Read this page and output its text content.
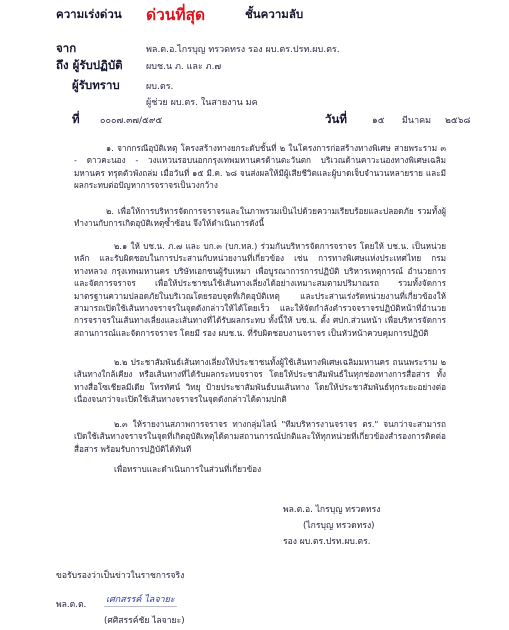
ความเร่งด่วน ด่วนที่สุด	ชั้นความลับ
จาก	พล.ต.อ.ไกรบุญ ทรวดทรง รอง ผบ.ตร.ปรท.ผบ.ตร.
ถึง ผู้รับปฏิบัติ	ผบช.น ภ. และ ภ.๗
ผู้รับทราบ	ผบ.ตร.
ผู้ช่วย ผบ.ตร. ในสายงาน มค
ที่ ๐๐๐๗.๓๗/๕๙๕	วันที่	๑๕ มีนาคม ๒๕๖๘
๑. จากกรณีอุบัติเหตุ โครงสร้างทางยกระดับชั้นที่ ๒ ในโครงการก่อสร้างทางพิเศษ สายพระราม ๓ - ดาวคะนอง - วงแหวนรอบนอกกรุงเทพมหานครด้านตะวันตก บริเวณด้านคาวะนองทางพิเศษเฉลิมมหานคร ทรุดตัวพังถล่ม เมื่อวันที่ ๑๕ มี.ค. ๖๘ จนส่งผลให้มีผู้เสียชีวิตและผู้บาดเจ็บจำนวนหลายราย และมีผลกระทบต่อปัญหาการจราจรเป็นวงกว้าง
๒. เพื่อให้การบริหารจัดการจราจรและในภาพรวมเป็นไปด้วยความเรียบร้อยและปลอดภัย รวมทั้งผู้ทำงานกับการเกิดอุบัติเหตุซ้ำซ้อน จึงให้ดำเนินการดังนี้
๒.๑ ให้ บช.น. ภ.๗ และ บก.๓ (บก.ทล.) ร่วมกันบริหารจัดการจราจร โดยให้ บช.น. เป็นหน่วยหลัก และรับผิดชอบในการประสานกับหน่วยงานที่เกี่ยวข้อง เช่น การทางพิเศษแห่งประเทศไทย กรมทางหลวง กรุงเทพมหานคร บริษัทเอกชนผู้รับเหมา เพื่อบูรณาการการปฏิบัติ บริหารเหตุการณ์ อำนวยการและจัดการจราจร เพื่อให้ประชาชนใช้เส้นทางเลี่ยงได้อย่างเหมาะสมตามปริมาณรถ รวมทั้งจัดการมาตรฐานความปลอดภัยในบริเวณโดยรอบจุดที่เกิดอุบัติเหตุ และประสานเร่งรัดหน่วยงานที่เกี่ยวข้องให้สามารถเปิดใช้เส้นทางจราจรในจุดดังกล่าวให้ได้โดยเร็ว และให้จัดกำลังตำรวจจราจรปฏิบัติหน้าที่อำนวยการจราจรในเส้นทางเลี่ยงและเส้นทางที่ได้รับผลกระทบ ทั้งนี้ให้ บช.น. ตั้ง ศปก.ส่วนหน้า เพื่อบริหารจัดการสถานการณ์และจัดการจราจร โดยมี รอง ผบช.น. ที่รับผิดชอบงานจราจร เป็นหัวหน้าควบคุมการปฏิบัติ
๒.๒ ประชาสัมพันธ์เส้นทางเลี่ยงให้ประชาชนทั้งผู้ใช้เส้นทางพิเศษเฉลิมมหานคร ถนนพระราม ๒ เส้นทางใกล้เคียง หรือเส้นทางที่ได้รับผลกระทบจราจร โดยให้ประชาสัมพันธ์ในทุกช่องทางการสื่อสาร ทั้งทางสื่อโซเชียลมีเดีย โทรทัศน์ วิทยุ ป้ายประชาสัมพันธ์บนเส้นทาง โดยให้ประชาสัมพันธ์ทุกระยะอย่างต่อเนื่องจนกว่าจะเปิดใช้เส้นทางจราจรในจุดดังกล่าวได้ตามปกติ
๒.๓ ให้รายงานสภาพการจราจร ทางกลุ่มไลน์ "ทีมบริหารงานจราจร ตร." จนกว่าจะสามารถเปิดใช้เส้นทางจราจรในจุดที่เกิดอุบัติเหตุได้ตามสถานการณ์ปกติและให้ทุกหน่วยที่เกี่ยวข้องสำรองการติดต่อสื่อสาร พร้อมรับการปฏิบัติได้ทันที
เพื่อทราบและดำเนินการในส่วนที่เกี่ยวข้อง
พล.ต.อ. ไกรบุญ ทรวดทรง
(ไกรบุญ ทรวดทรง)
รอง ผบ.ตร.ปรท.ผบ.ตร.
ขอรับรองว่าเป็นข่าวในราชการจริง
พล.ต.ต. เศกสรรค์ ไลจายะ
(ศศิสรรค์ชัย ไลจายะ)
